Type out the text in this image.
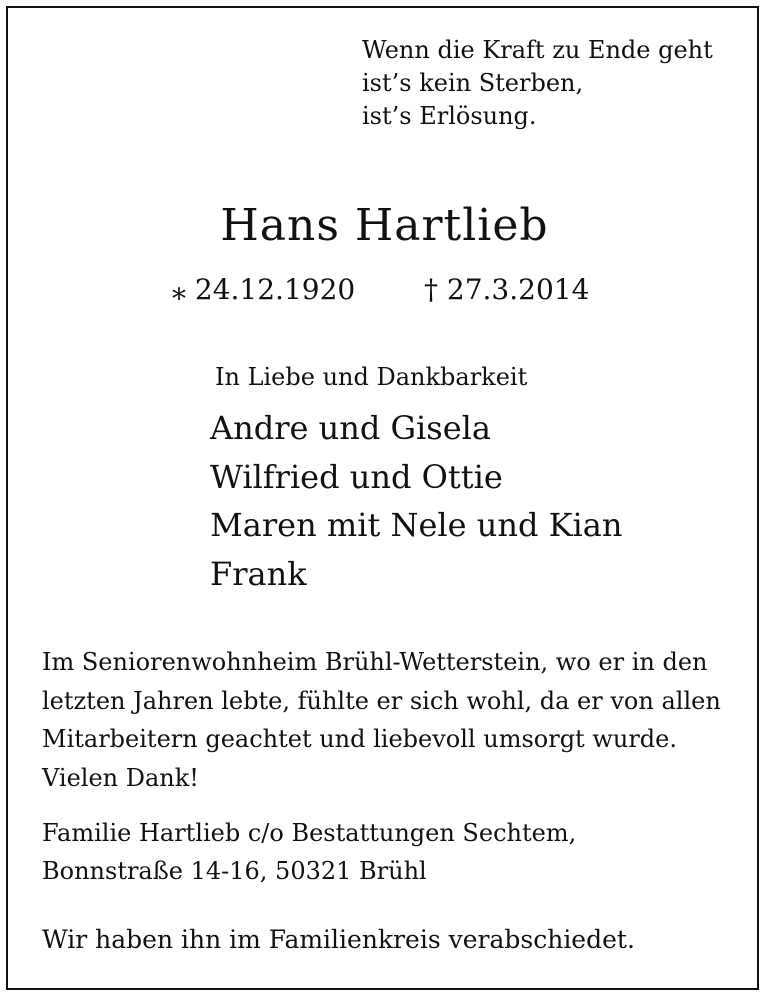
Wenn die Kraft zu Ende geht
ist’s kein Sterben,
ist’s Erlösung.
Hans Hartlieb
⁎ 24.12.1920 † 27.3.2014
In Liebe und Dankbarkeit
Andre und Gisela
Wilfried und Ottie
Maren mit Nele und Kian
Frank
Im Seniorenwohnheim Brühl-Wetterstein, wo er in den
letzten Jahren lebte, fühlte er sich wohl, da er von allen
Mitarbeitern geachtet und liebevoll umsorgt wurde.
Vielen Dank!
Familie Hartlieb c/o Bestattungen Sechtem,
Bonnstraße 14-16, 50321 Brühl
Wir haben ihn im Familienkreis verabschiedet.
